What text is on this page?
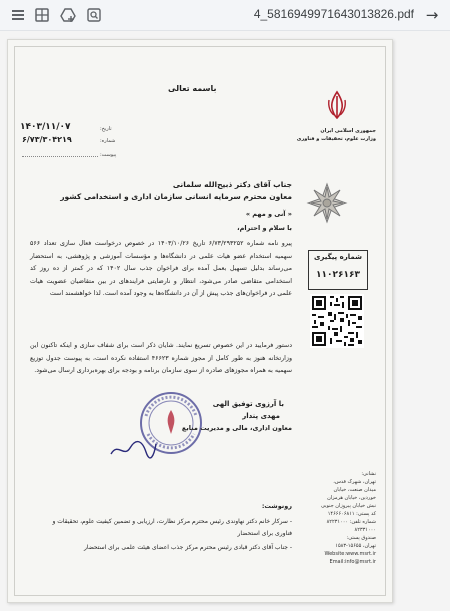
4_5816949971643013826.pdf →
باسمه تعالی
تاریخ:
شماره:
پیوست:
۱۴۰۳/۱۱/۰۷
۶/۷۳/۳۰۴۲۱۹
جمهوری اسلامی ایران
وزارت علوم، تحقیقات و فناوری
شماره پیگیری
۱۱۰۲۶۱۶۳
جناب آقای دکتر ذبیح‌الله سلمانی
معاون محترم سرمایه انسانی سازمان اداری و استخدامی کشور
« آنی و مهم »
با سلام و احترام،
پیرو نامه شماره ۶/۷۳/۲۹۳۲۵۲ تاریخ ۱۴۰۳/۱۰/۲۶ در خصوص درخواست فعال سازی تعداد ۵۶۶ سهمیه استخدام عضو هیات علمی در دانشگاه‌ها و مؤسسات آموزشی و پژوهشی، به استحضار می‌رساند بدلیل تسهیل بعمل آمده برای فراخوان جذب سال ۱۴۰۲ که در کمتر از ده روز کد استخدامی متقاضی صادر می‌شود، انتظار و نارضایتی فرایندهای در بین متقاضیان عضویت هیات علمی در فراخوان‌های جذب پیش از آن در دانشگاه‌ها به وجود آمده است. لذا خواهشمند است
دستور فرمایید در این خصوص تسریع نمایند. شایان ذکر است برای شفاف سازی و اینکه تاکنون این وزارتخانه هنوز به طور کامل از مجوز شماره ۴۶۶۲۳ استفاده نکرده است، به پیوست جدول توزیع سهمیه به همراه مجوزهای صادره از سوی سازمان برنامه و بودجه برای بهره‌برداری ارسال می‌شود.
با آرزوی توفیق الهی
مهدی پندار
معاون اداری، مالی و مدیریت منابع
رونوشت:
- سرکار خانم دکتر نهاوندی رئیس محترم مرکز نظارت، ارزیابی و تضمین کیفیت علوم، تحقیقات و فناوری برای استحضار
- جناب آقای دکتر قبادی رئیس محترم مرکز جذب اعضای هیئت علمی برای استحضار
نشانی:
تهران، شهرک قدس،
میدان صنعت، خیابان
خوردین، خیابان هرمزان
نبش خیابان پیروزان جنوبی
کد پستی: ۱۴۶۶۶۰۶۸۱۱
شماره تلفن: ۸۲۲۳۱۰۰۰
۸۲۳۳۱۰۰۰
صندوق پستی:
تهران، ۱۵۶۵۵-۱۵۸۳
Website:www.msrt.ir
Email:info@msrt.ir
